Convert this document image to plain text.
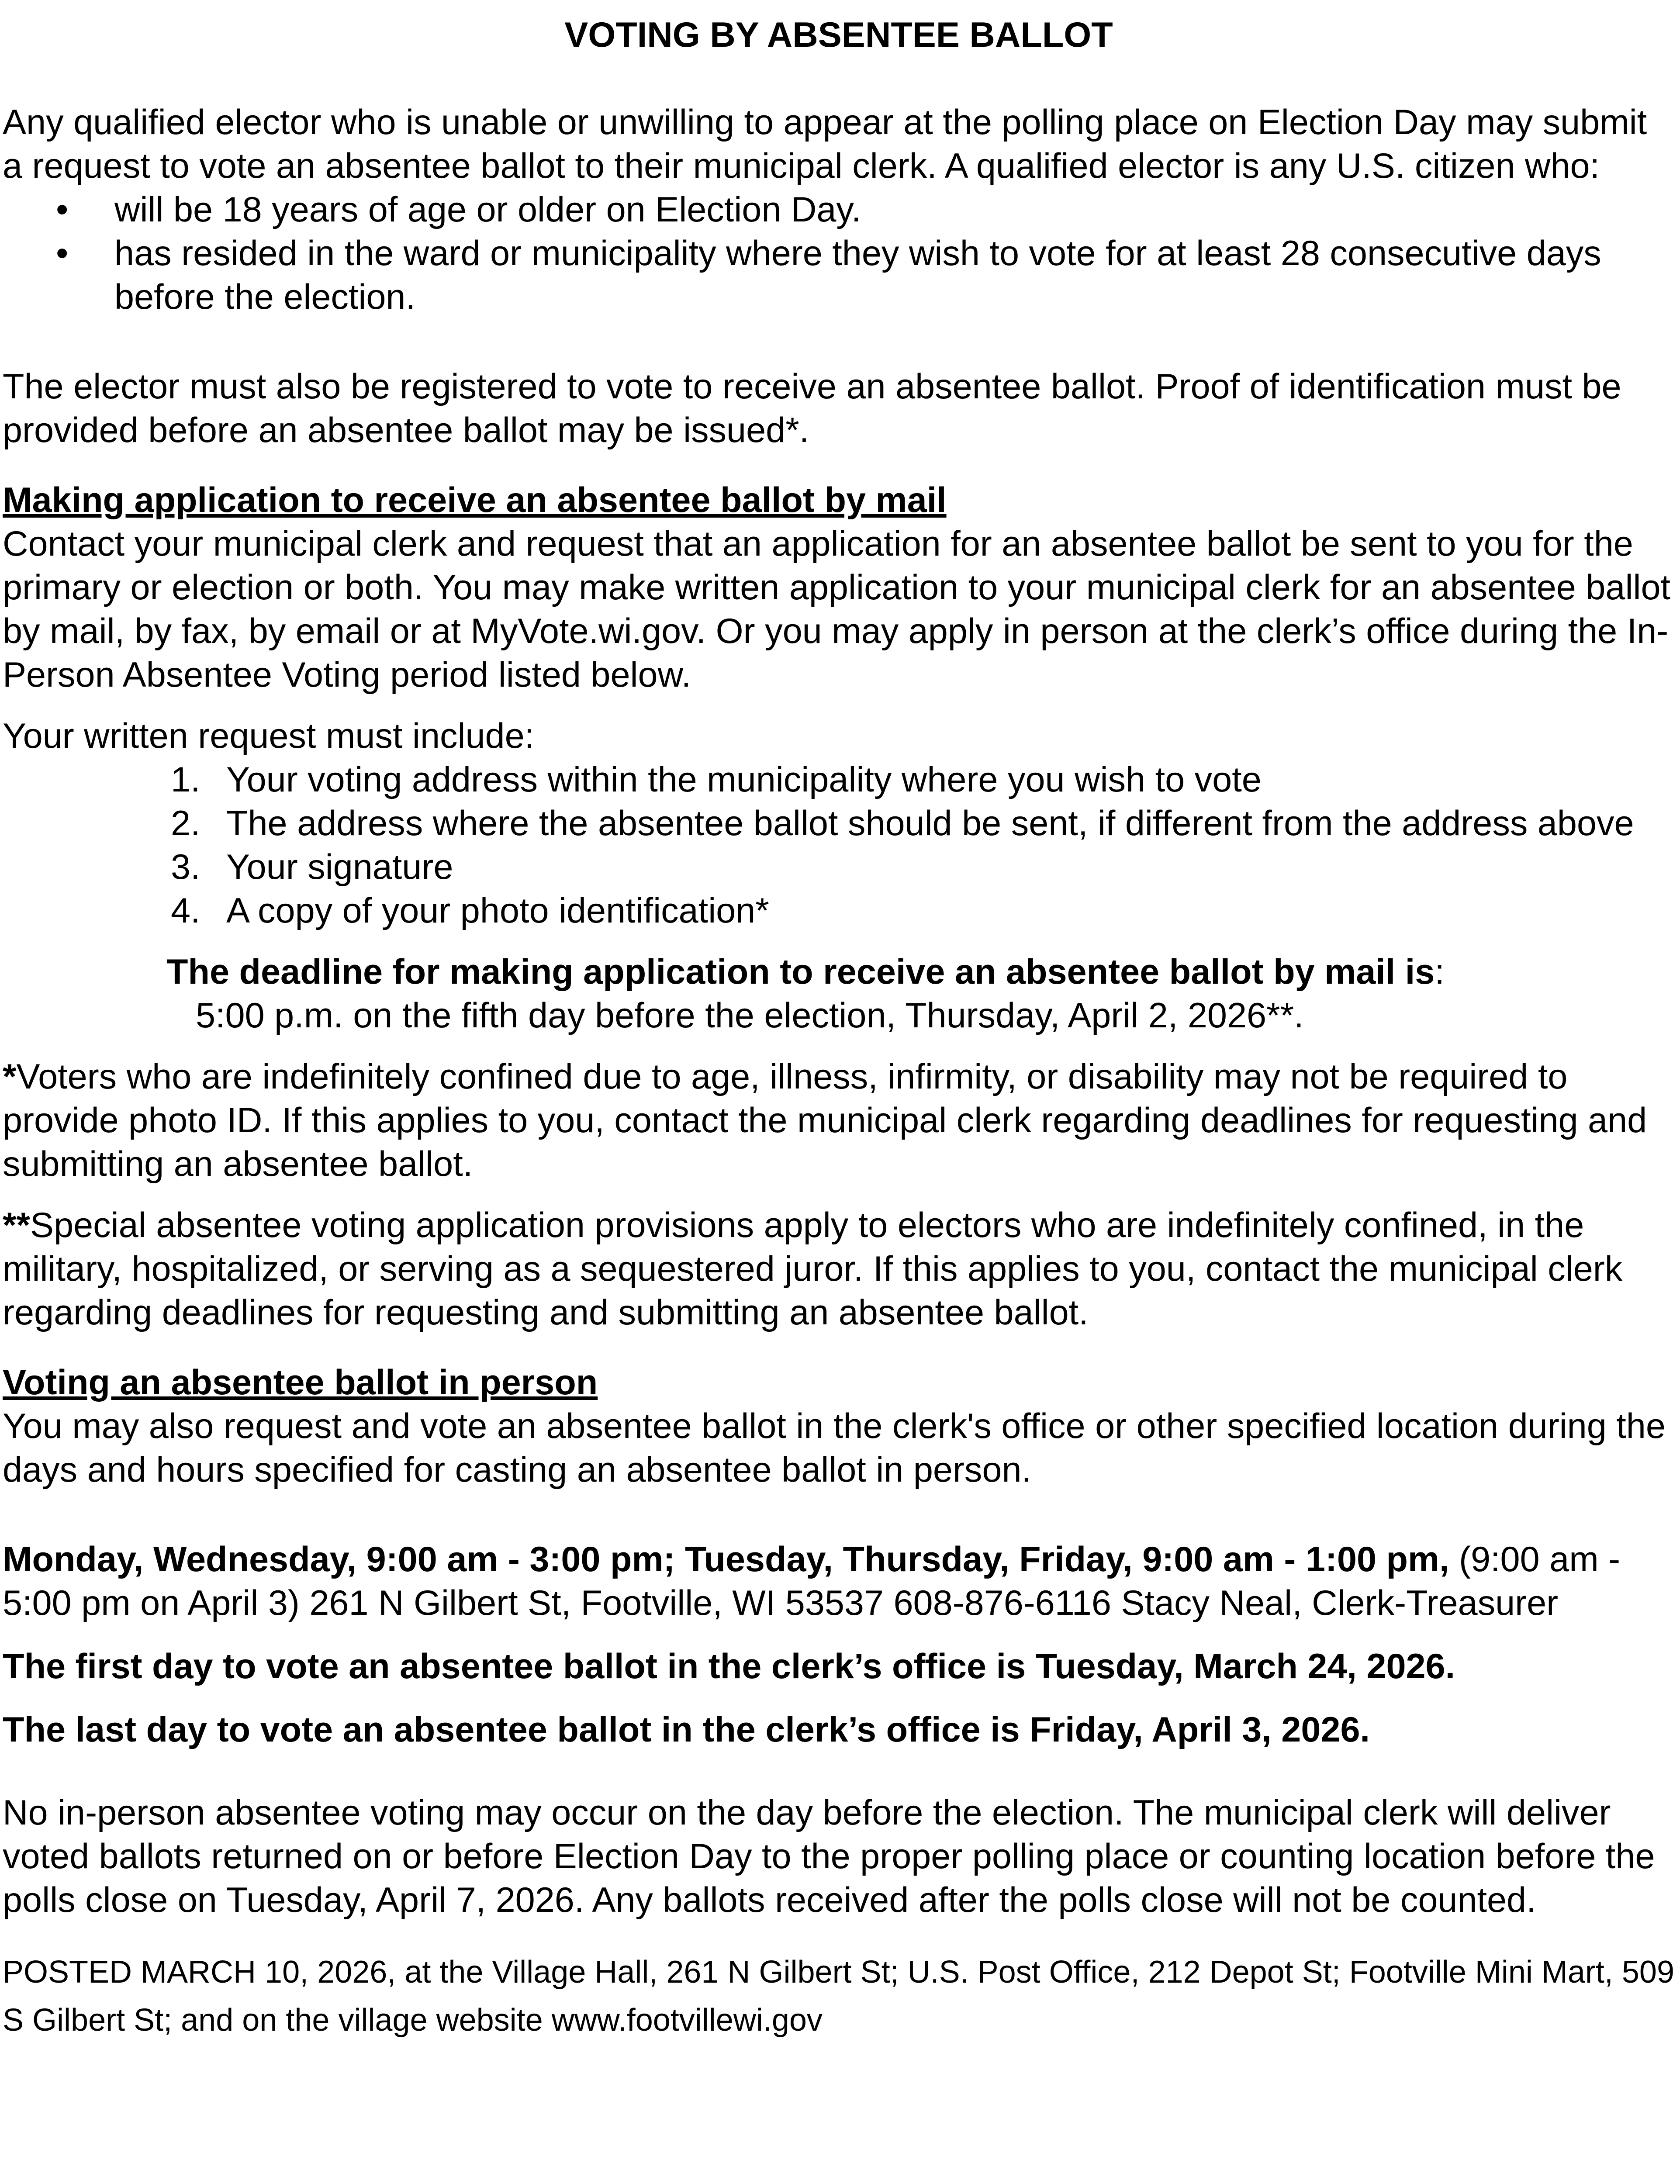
VOTING BY ABSENTEE BALLOT

Any qualified elector who is unable or unwilling to appear at the polling place on Election Day may submit a request to vote an absentee ballot to their municipal clerk. A qualified elector is any U.S. citizen who:

• will be 18 years of age or older on Election Day.
• has resided in the ward or municipality where they wish to vote for at least 28 consecutive days before the election.

The elector must also be registered to vote to receive an absentee ballot. Proof of identification must be provided before an absentee ballot may be issued*.

Making application to receive an absentee ballot by mail

Contact your municipal clerk and request that an application for an absentee ballot be sent to you for the primary or election or both. You may make written application to your municipal clerk for an absentee ballot by mail, by fax, by email or at MyVote.wi.gov. Or you may apply in person at the clerk’s office during the In-Person Absentee Voting period listed below.

Your written request must include:

1. Your voting address within the municipality where you wish to vote
2. The address where the absentee ballot should be sent, if different from the address above
3. Your signature
4. A copy of your photo identification*

The deadline for making application to receive an absentee ballot by mail is:

5:00 p.m. on the fifth day before the election, Thursday, April 2, 2026**.

*Voters who are indefinitely confined due to age, illness, infirmity, or disability may not be required to provide photo ID. If this applies to you, contact the municipal clerk regarding deadlines for requesting and submitting an absentee ballot.

**Special absentee voting application provisions apply to electors who are indefinitely confined, in the military, hospitalized, or serving as a sequestered juror. If this applies to you, contact the municipal clerk regarding deadlines for requesting and submitting an absentee ballot.

Voting an absentee ballot in person

You may also request and vote an absentee ballot in the clerk's office or other specified location during the days and hours specified for casting an absentee ballot in person.

Monday, Wednesday, 9:00 am - 3:00 pm; Tuesday, Thursday, Friday, 9:00 am - 1:00 pm, (9:00 am - 5:00 pm on April 3) 261 N Gilbert St, Footville, WI 53537 608-876-6116 Stacy Neal, Clerk-Treasurer

The first day to vote an absentee ballot in the clerk’s office is Tuesday, March 24, 2026.

The last day to vote an absentee ballot in the clerk’s office is Friday, April 3, 2026.

No in-person absentee voting may occur on the day before the election. The municipal clerk will deliver voted ballots returned on or before Election Day to the proper polling place or counting location before the polls close on Tuesday, April 7, 2026. Any ballots received after the polls close will not be counted.

POSTED MARCH 10, 2026, at the Village Hall, 261 N Gilbert St; U.S. Post Office, 212 Depot St; Footville Mini Mart, 509 S Gilbert St; and on the village website www.footvillewi.gov
